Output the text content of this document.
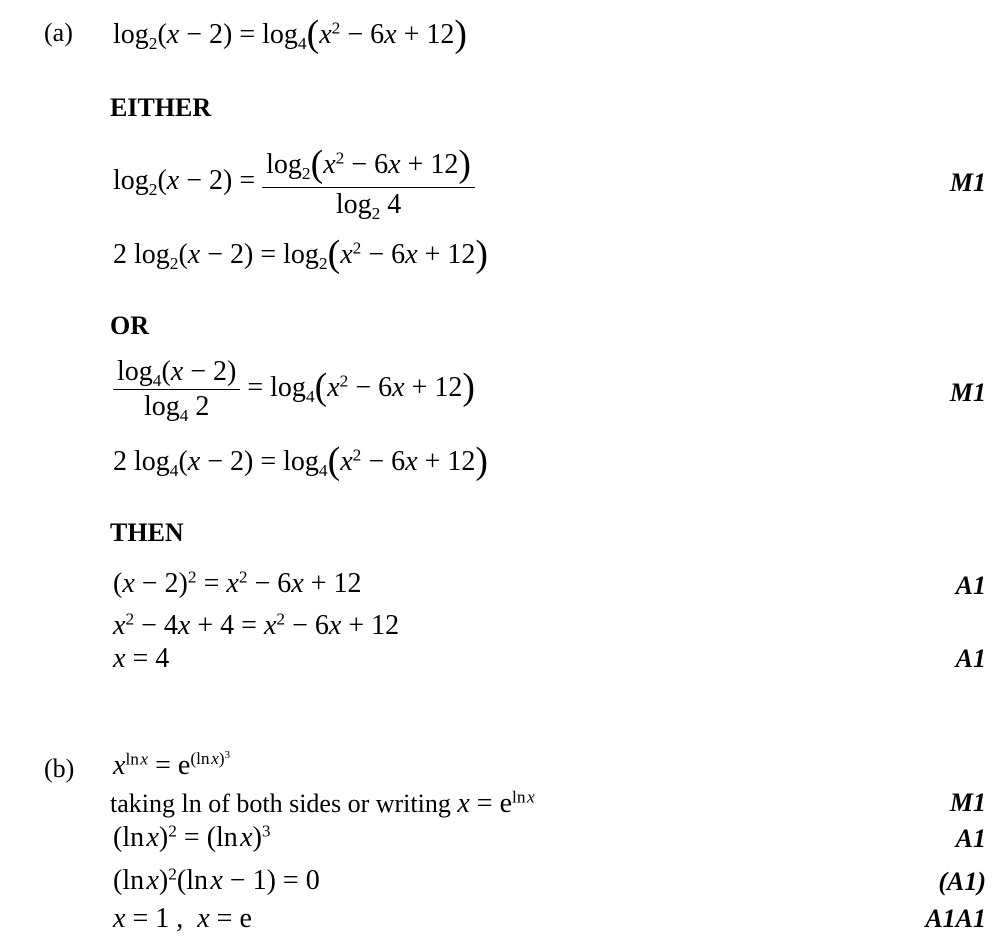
(a) $\log_2(x - 2) = \log_4(x^2 - 6x + 12)$
EITHER
$\log_2(x - 2) = \frac{\log_2(x^2 - 6x + 12)}{\log_2 4}$	M1
2 $\log_2(x - 2) = \log_2(x^2 - 6x + 12)$
OR
$\frac{\log_4(x - 2)}{\log_4 2} = \log_4(x^2 - 6x + 12)$	M1
2 $\log_4(x - 2) = \log_4(x^2 - 6x + 12)$
THEN
$(x - 2)^2 = x^2 - 6x + 12$	A1
$x^2 - 4x + 4 = x^2 - 6x + 12$
x = 4	A1
(b) $x^{ln x} = e^{(ln x)^3}$
taking ln of both sides or writing $x = e^{ln x}$	M1
(ln x)$^2$ = (ln x)$^3$	A1
(ln x)$^2$(ln x − 1) = 0	(A1)
x = 1 ,  x = e	A1A1
